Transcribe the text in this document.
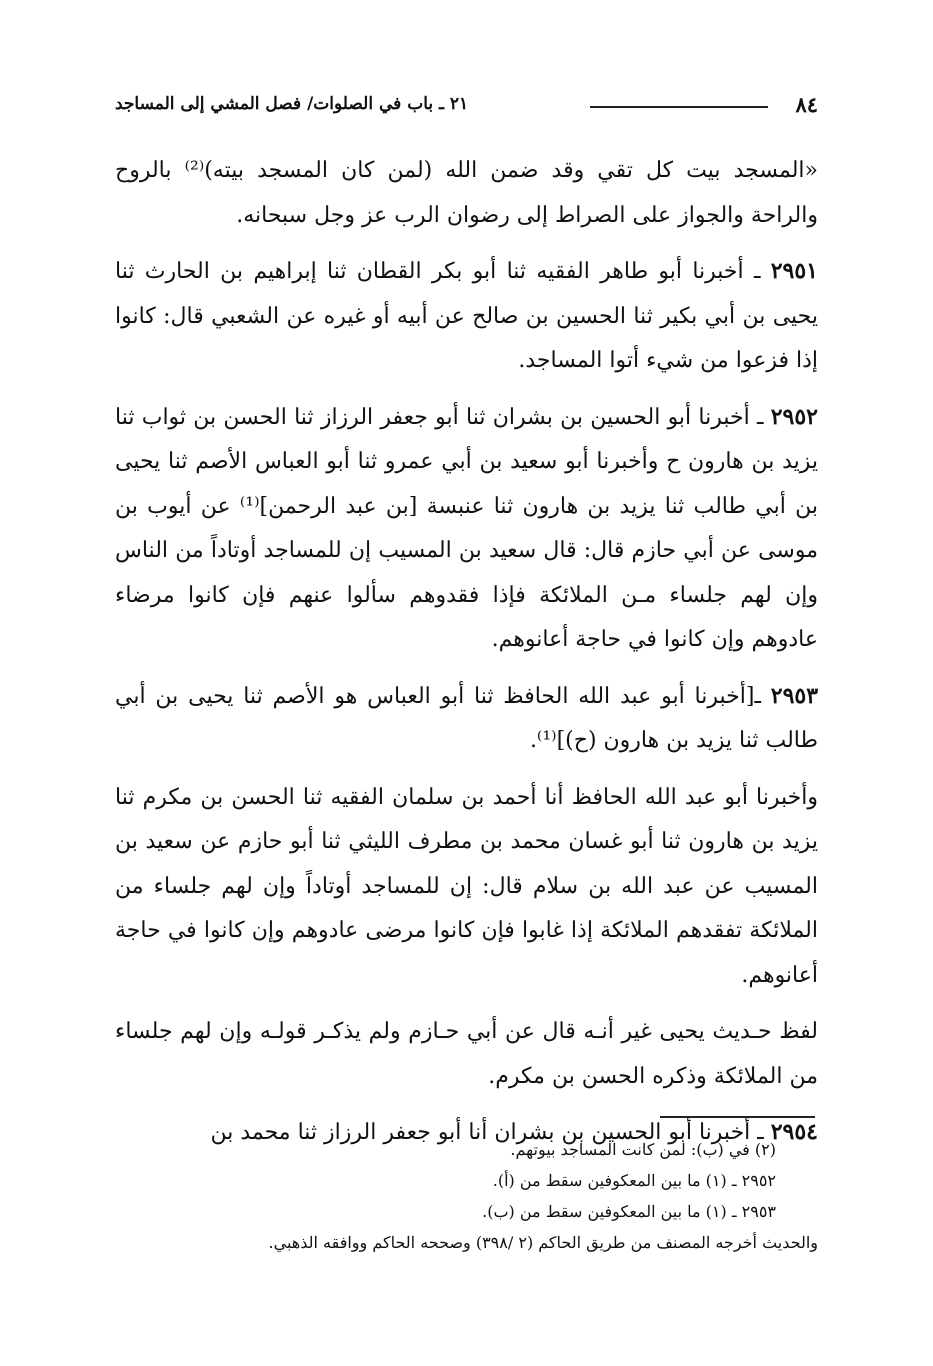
٨٤
٢١ ـ باب في الصلوات/ فصل المشي إلى المساجد

«المسجد بيت كل تقي وقد ضمن الله (لمن كان المسجد بيته)⁽²⁾ بالروح والراحة والجواز على الصراط إلى رضوان الرب عز وجل سبحانه.

٢٩٥١ ـ أخبرنا أبو طاهر الفقيه ثنا أبو بكر القطان ثنا إبراهيم بن الحارث ثنا يحيى بن أبي بكير ثنا الحسين بن صالح عن أبيه أو غيره عن الشعبي قال: كانوا إذا فزعوا من شيء أتوا المساجد.

٢٩٥٢ ـ أخبرنا أبو الحسين بن بشران ثنا أبو جعفر الرزاز ثنا الحسن بن ثواب ثنا يزيد بن هارون ح وأخبرنا أبو سعيد بن أبي عمرو ثنا أبو العباس الأصم ثنا يحيى بن أبي طالب ثنا يزيد بن هارون ثنا عنبسة [بن عبد الرحمن]⁽¹⁾ عن أيوب بن موسى عن أبي حازم قال: قال سعيد بن المسيب إن للمساجد أوتاداً من الناس وإن لهم جلساء مـن الملائكة فإذا فقدوهم سألوا عنهم فإن كانوا مرضاء عادوهم وإن كانوا في حاجة أعانوهم.

٢٩٥٣ ـ[أخبرنا أبو عبد الله الحافظ ثنا أبو العباس هو الأصم ثنا يحيى بن أبي طالب ثنا يزيد بن هارون (ح)]⁽¹⁾.

وأخبرنا أبو عبد الله الحافظ أنا أحمد بن سلمان الفقيه ثنا الحسن بن مكرم ثنا يزيد بن هارون ثنا أبو غسان محمد بن مطرف الليثي ثنا أبو حازم عن سعيد بن المسيب عن عبد الله بن سلام قال: إن للمساجد أوتاداً وإن لهم جلساء من الملائكة تفقدهم الملائكة إذا غابوا فإن كانوا مرضى عادوهم وإن كانوا في حاجة أعانوهم.

لفظ حـديث يحيى غير أنـه قال عن أبي حـازم ولم يذكـر قولـه وإن لهم جلساء من الملائكة وذكره الحسن بن مكرم.

٢٩٥٤ ـ أخبرنا أبو الحسين بن بشران أنا أبو جعفر الرزاز ثنا محمد بن

(٢) في (ب): لمن كانت المساجد بيوتهم.
٢٩٥٢ ـ (١) ما بين المعكوفين سقط من (أ).
٢٩٥٣ ـ (١) ما بين المعكوفين سقط من (ب).
والحديث أخرجه المصنف من طريق الحاكم (٢ /٣٩٨) وصححه الحاكم ووافقه الذهبي.
